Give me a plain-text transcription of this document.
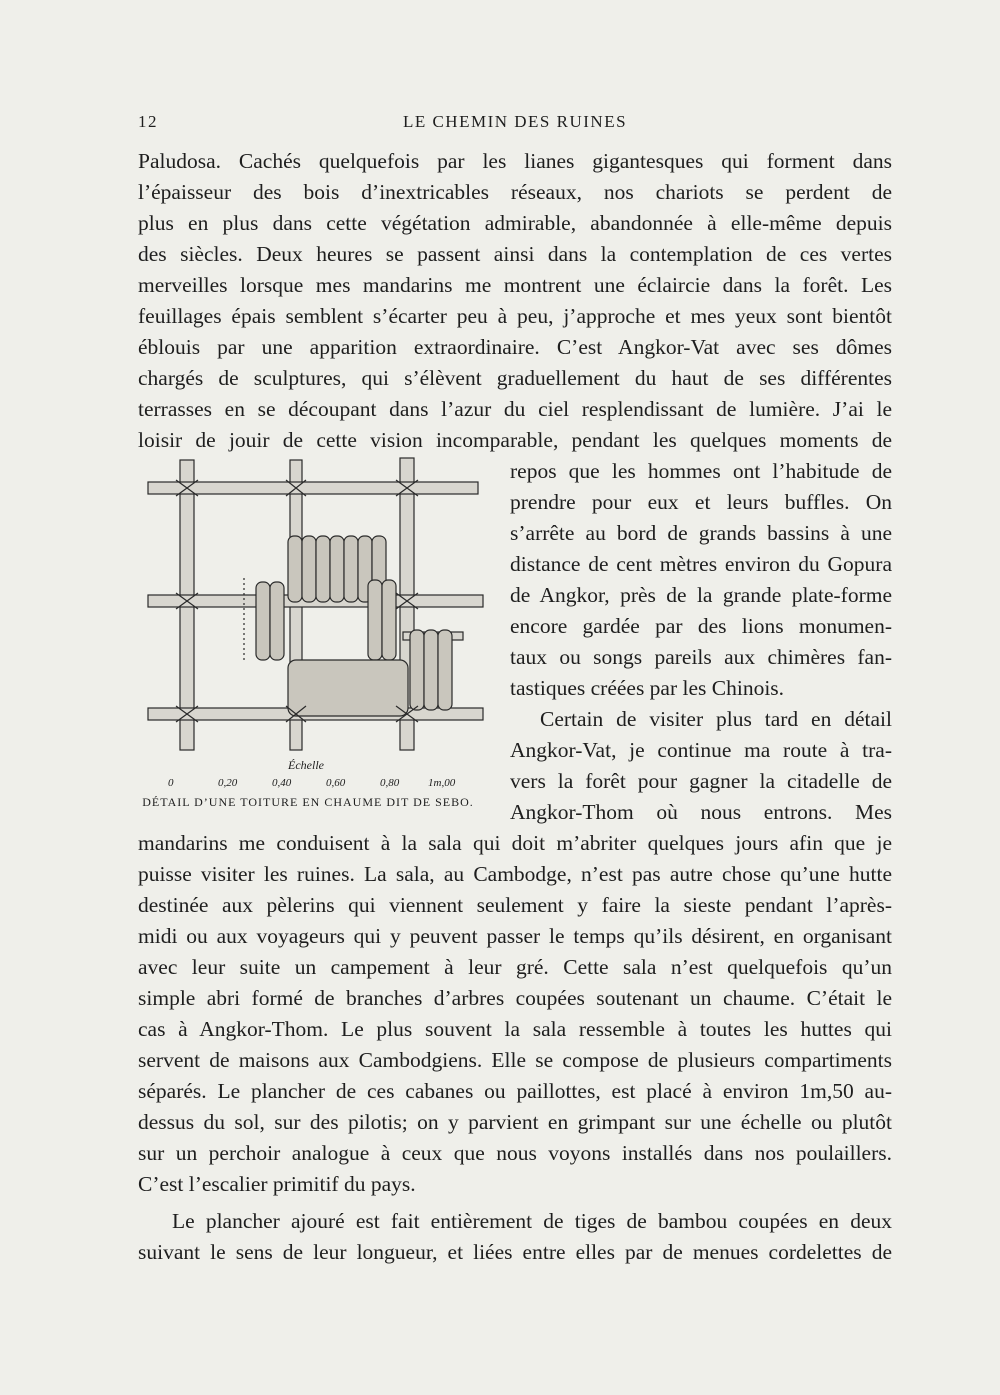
12	LE CHEMIN DES RUINES
Paludosa. Cachés quelquefois par les lianes gigantesques qui forment dans
l’épaisseur des bois d’inextricables réseaux, nos chariots se perdent de
plus en plus dans cette végétation admirable, abandonnée à elle-même depuis
des siècles. Deux heures se passent ainsi dans la contemplation de ces vertes
merveilles lorsque mes mandarins me montrent une éclaircie dans la forêt. Les
feuillages épais semblent s’écarter peu à peu, j’approche et mes yeux sont bientôt
éblouis par une apparition extraordinaire. C’est Angkor-Vat avec ses dômes
chargés de sculptures, qui s’élèvent graduellement du haut de ses différentes
terrasses en se découpant dans l’azur du ciel resplendissant de lumière. J’ai le
loisir de jouir de cette vision incomparable, pendant les quelques moments de
repos que les hommes ont l’habitude de
prendre pour eux et leurs buffles. On
s’arrête au bord de grands bassins à une
distance de cent mètres environ du Gopura
de Angkor, près de la grande plate-forme
encore gardée par des lions monumen-
taux ou songs pareils aux chimères fan-
tastiques créées par les Chinois.
Certain de visiter plus tard en détail
Angkor-Vat, je continue ma route à tra-
vers la forêt pour gagner la citadelle de
Angkor-Thom où nous entrons. Mes
Échelle
0	0,20	0,40	0,60	0,80	1m,00
DÉTAIL D’UNE TOITURE EN CHAUME DIT DE SEBO.
mandarins me conduisent à la sala qui doit m’abriter quelques jours afin que je
puisse visiter les ruines. La sala, au Cambodge, n’est pas autre chose qu’une hutte
destinée aux pèlerins qui viennent seulement y faire la sieste pendant l’après-
midi ou aux voyageurs qui y peuvent passer le temps qu’ils désirent, en organisant
avec leur suite un campement à leur gré. Cette sala n’est quelquefois qu’un
simple abri formé de branches d’arbres coupées soutenant un chaume. C’était le
cas à Angkor-Thom. Le plus souvent la sala ressemble à toutes les huttes qui
servent de maisons aux Cambodgiens. Elle se compose de plusieurs compartiments
séparés. Le plancher de ces cabanes ou paillottes, est placé à environ 1m,50 au-
dessus du sol, sur des pilotis; on y parvient en grimpant sur une échelle ou plutôt
sur un perchoir analogue à ceux que nous voyons installés dans nos poulaillers.
C’est l’escalier primitif du pays.
Le plancher ajouré est fait entièrement de tiges de bambou coupées en deux
suivant le sens de leur longueur, et liées entre elles par de menues cordelettes de
